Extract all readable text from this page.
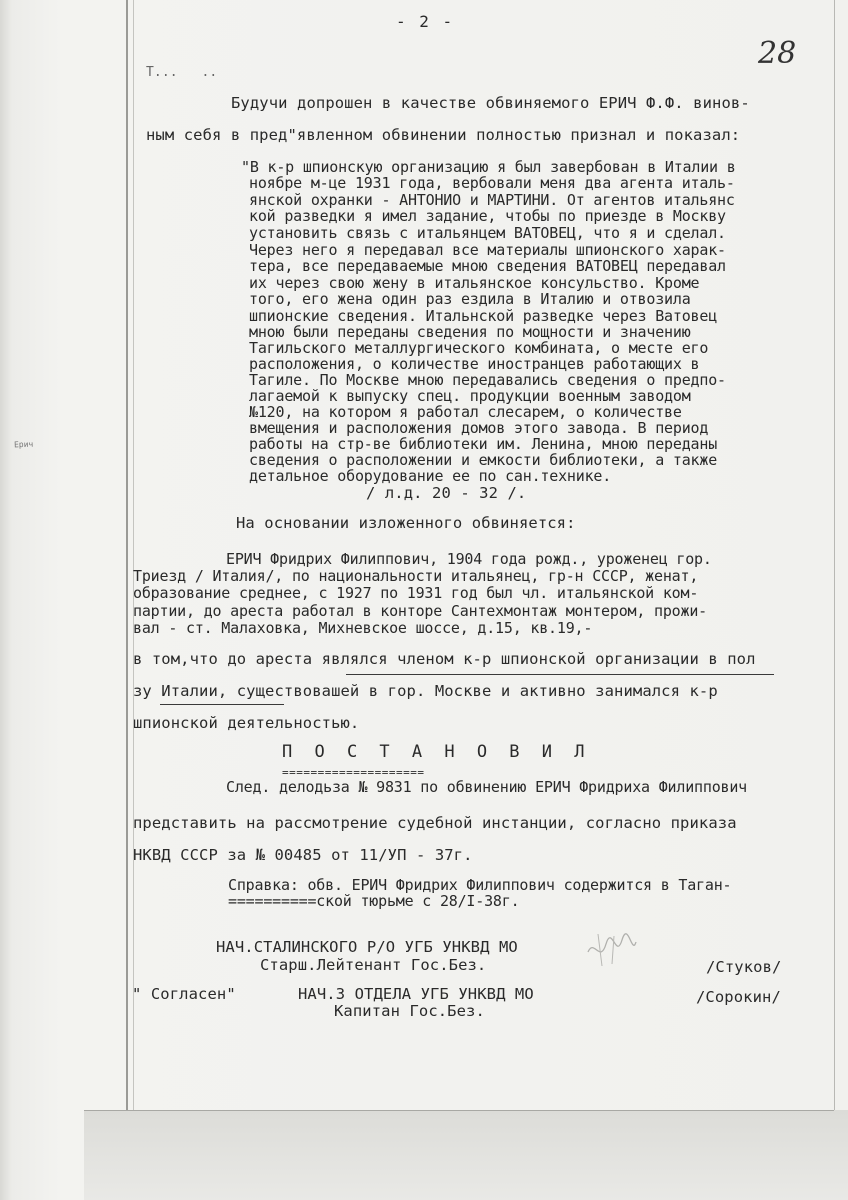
Ерич
- 2 -
28
Т...   ..
Будучи допрошен в качестве обвиняемого ЕРИЧ Ф.Ф. винов-
ным себя в пред"явленном обвинении полностью признал и показал:
"В к-р шпионскую организацию я был завербован в Италии в
ноябре м-це 1931 года, вербовали меня два агента италь-
янской охранки - АНТОНИО и МАРТИНИ. От агентов итальянс
кой разведки я имел задание, чтобы по приезде в Москву
установить связь с итальянцем ВАТОВЕЦ, что я и сделал.
Через него я передавал все материалы шпионского харак-
тера, все передаваемые мною сведения ВАТОВЕЦ передавал
их через свою жену в итальянское консульство. Кроме
того, его жена один раз ездила в Италию и отвозила
шпионские сведения. Итальнской разведке через Ватовец
мною были переданы сведения по мощности и значению
Тагильского металлургического комбината, о месте его
расположения, о количестве иностранцев работающих в
Тагиле. По Москве мною передавались сведения о предпо-
лагаемой к выпуску спец. продукции военным заводом
№120, на котором я работал слесарем, о количестве
вмещения и расположения домов этого завода. В период
работы на стр-ве библиотеки им. Ленина, мною переданы
сведения о расположении и емкости библиотеки, а также
детальное оборудование ее по сан.технике.
/ л.д. 20 - 32 /.
На основании изложенного обвиняется:
ЕРИЧ Фридрих Филиппович, 1904 года рожд., уроженец гор.
Триезд / Италия/, по национальности итальянец, гр-н СССР, женат,
образование среднее, с 1927 по 1931 год был чл. итальянской ком-
партии, до ареста работал в конторе Сантехмонтаж монтером, прожи-
вал - ст. Малаховка, Михневское шоссе, д.15, кв.19,-
в том,что до ареста являлся членом к-р шпионской организации в пол
зу Италии, существовашей в гор. Москве и активно занимался к-р
шпионской деятельностью.
П О С Т А Н О В И Л
====================
След. делодьза № 9831 по обвинению ЕРИЧ Фридриха Филиппович
представить на рассмотрение судебной инстанции, согласно приказа
НКВД СССР за № 00485 от 11/УП - 37г.
Справка: обв. ЕРИЧ Фридрих Филиппович содержится в Таган-
==========ской тюрьме с 28/I-38г.
НАЧ.СТАЛИНСКОГО Р/О УГБ УНКВД МО
Старш.Лейтенант Гос.Без.	/Стуков/
" Согласен"	НАЧ.3 ОТДЕЛА УГБ УНКВД МО
Капитан Гос.Без.
/Сорокин/
